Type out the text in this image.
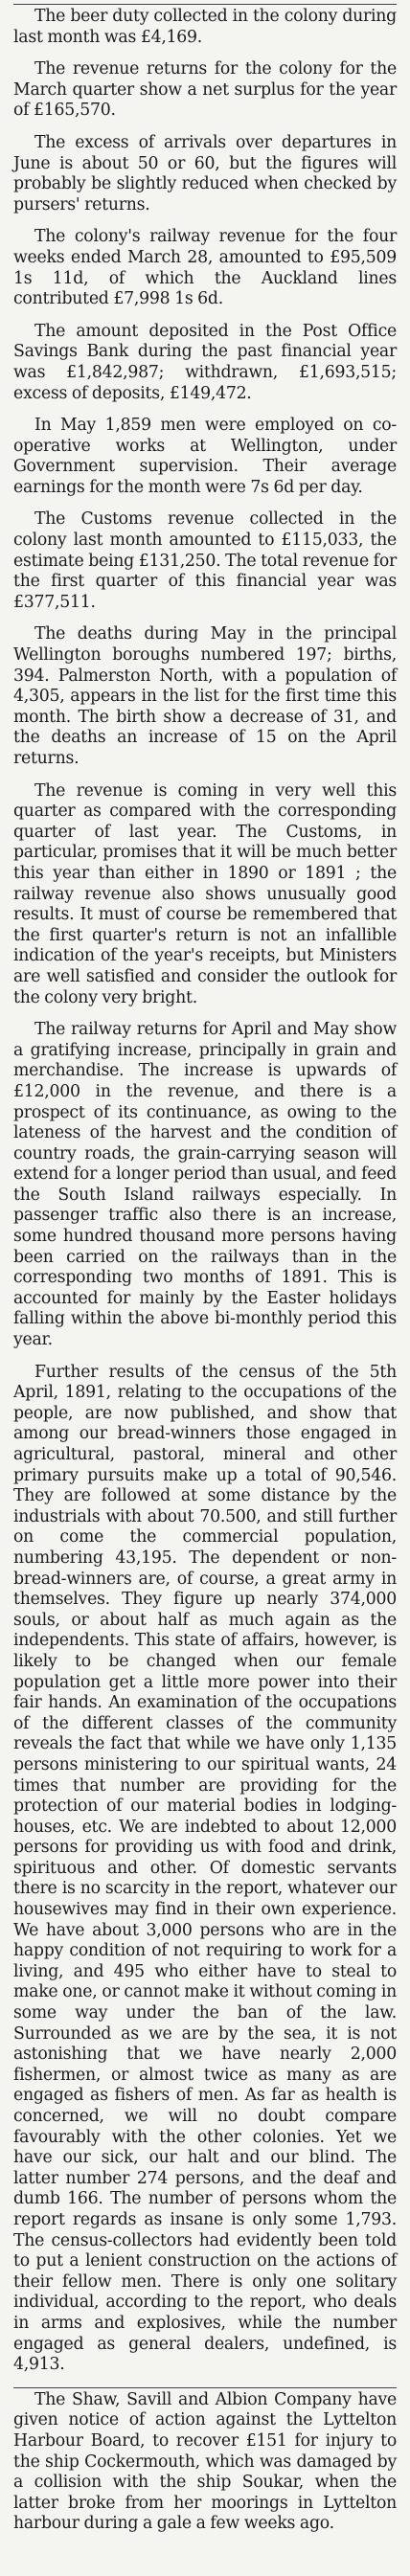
The beer duty collected in the colony during last month was £4,169.

The revenue returns for the colony for the March quarter show a net surplus for the year of £165,570.

The excess of arrivals over departures in June is about 50 or 60, but the figures will probably be slightly reduced when checked by pursers' returns.

The colony's railway revenue for the four weeks ended March 28, amounted to £95,509 1s 11d, of which the Auckland lines contributed £7,998 1s 6d.

The amount deposited in the Post Office Savings Bank during the past financial year was £1,842,987; withdrawn, £1,693,515; excess of deposits, £149,472.

In May 1,859 men were employed on co-operative works at Wellington, under Government supervision. Their average earnings for the month were 7s 6d per day.

The Customs revenue collected in the colony last month amounted to £115,033, the estimate being £131,250. The total revenue for the first quarter of this financial year was £377,511.

The deaths during May in the principal Wellington boroughs numbered 197; births, 394. Palmerston North, with a population of 4,305, appears in the list for the first time this month. The birth show a decrease of 31, and the deaths an increase of 15 on the April returns.

The revenue is coming in very well this quarter as compared with the corresponding quarter of last year. The Customs, in particular, promises that it will be much better this year than either in 1890 or 1891 ; the railway revenue also shows unusually good results. It must of course be remembered that the first quarter's return is not an infallible indication of the year's receipts, but Ministers are well satisfied and consider the outlook for the colony very bright.

The railway returns for April and May show a gratifying increase, principally in grain and merchandise. The increase is upwards of £12,000 in the revenue, and there is a prospect of its continuance, as owing to the lateness of the harvest and the condition of country roads, the grain-carrying season will extend for a longer period than usual, and feed the South Island railways especially. In passenger traffic also there is an increase, some hundred thousand more persons having been carried on the railways than in the corresponding two months of 1891. This is accounted for mainly by the Easter holidays falling within the above bi-monthly period this year.

Further results of the census of the 5th April, 1891, relating to the occupations of the people, are now published, and show that among our bread-winners those engaged in agricultural, pastoral, mineral and other primary pursuits make up a total of 90,546. They are followed at some distance by the industrials with about 70.500, and still further on come the commercial population, numbering 43,195. The dependent or non-bread-winners are, of course, a great army in themselves. They figure up nearly 374,000 souls, or about half as much again as the independents. This state of affairs, however, is likely to be changed when our female population get a little more power into their fair hands. An examination of the occupations of the different classes of the community reveals the fact that while we have only 1,135 persons ministering to our spiritual wants, 24 times that number are providing for the protection of our material bodies in lodging-houses, etc. We are indebted to about 12,000 persons for providing us with food and drink, spirituous and other. Of domestic servants there is no scarcity in the report, whatever our housewives may find in their own experience. We have about 3,000 persons who are in the happy condition of not requiring to work for a living, and 495 who either have to steal to make one, or cannot make it without coming in some way under the ban of the law. Surrounded as we are by the sea, it is not astonishing that we have nearly 2,000 fishermen, or almost twice as many as are engaged as fishers of men. As far as health is concerned, we will no doubt compare favourably with the other colonies. Yet we have our sick, our halt and our blind. The latter number 274 persons, and the deaf and dumb 166. The number of persons whom the report regards as insane is only some 1,793. The census-collectors had evidently been told to put a lenient construction on the actions of their fellow men. There is only one solitary individual, according to the report, who deals in arms and explosives, while the number engaged as general dealers, undefined, is 4,913.

The Shaw, Savill and Albion Company have given notice of action against the Lyttelton Harbour Board, to recover £151 for injury to the ship Cockermouth, which was damaged by a collision with the ship Soukar, when the latter broke from her moorings in Lyttelton harbour during a gale a few weeks ago.
